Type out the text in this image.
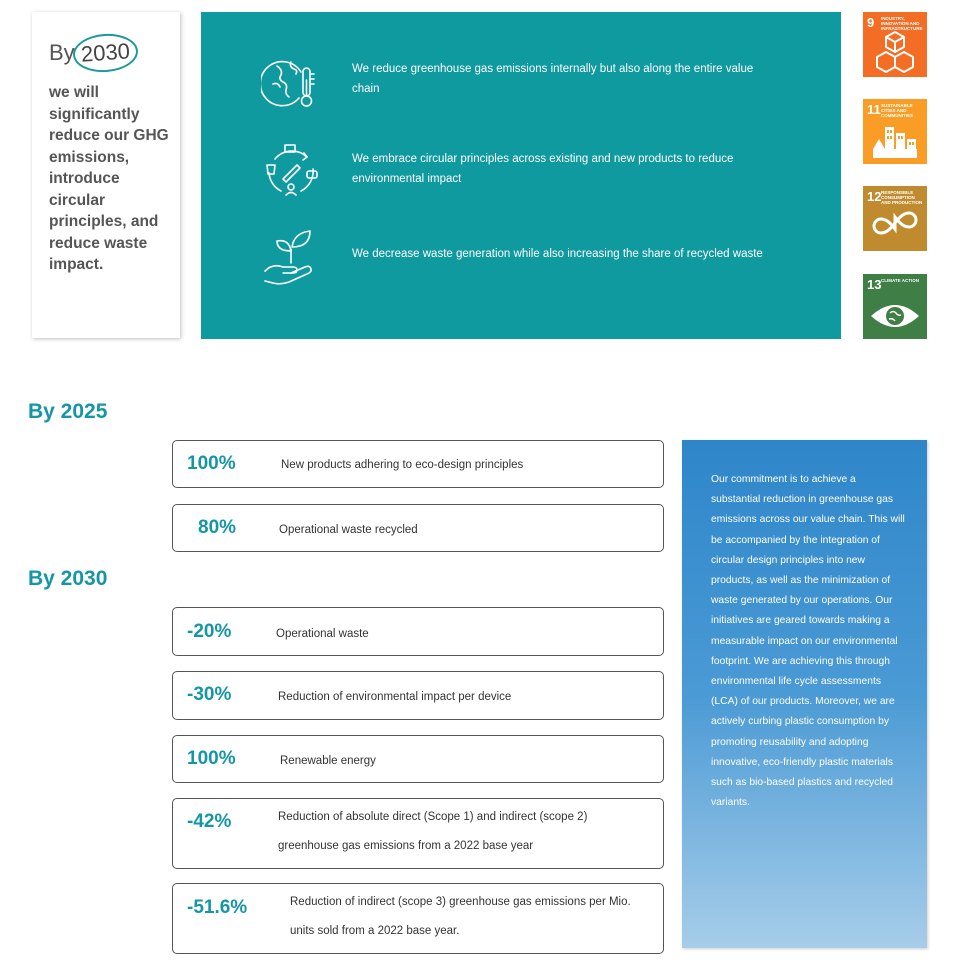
By 2030
we will significantly reduce our GHG emissions, introduce circular principles, and reduce waste impact.
We reduce greenhouse gas emissions internally but also along the entire value chain
We embrace circular principles across existing and new products to reduce environmental impact
We decrease waste generation while also increasing the share of recycled waste
9 INDUSTRY, INNOVATION AND INFRASTRUCTURE
11 SUSTAINABLE CITIES AND COMMUNITIES
12 RESPONSIBLE CONSUMPTION AND PRODUCTION
13 CLIMATE ACTION
By 2025
100%	New products adhering to eco-design principles
80%	Operational waste recycled
By 2030
-20%	Operational waste
-30%	Reduction of environmental impact per device
100%	Renewable energy
-42%	Reduction of absolute direct (Scope 1) and indirect (scope 2)
greenhouse gas emissions from a 2022 base year
-51.6%	Reduction of indirect (scope 3) greenhouse gas emissions per Mio.
units sold from a 2022 base year.
Our commitment is to achieve a substantial reduction in greenhouse gas emissions across our value chain. This will be accompanied by the integration of circular design principles into new products, as well as the minimization of waste generated by our operations. Our initiatives are geared towards making a measurable impact on our environmental footprint. We are achieving this through environmental life cycle assessments (LCA) of our products. Moreover, we are actively curbing plastic consumption by promoting reusability and adopting innovative, eco-friendly plastic materials such as bio-based plastics and recycled variants.
